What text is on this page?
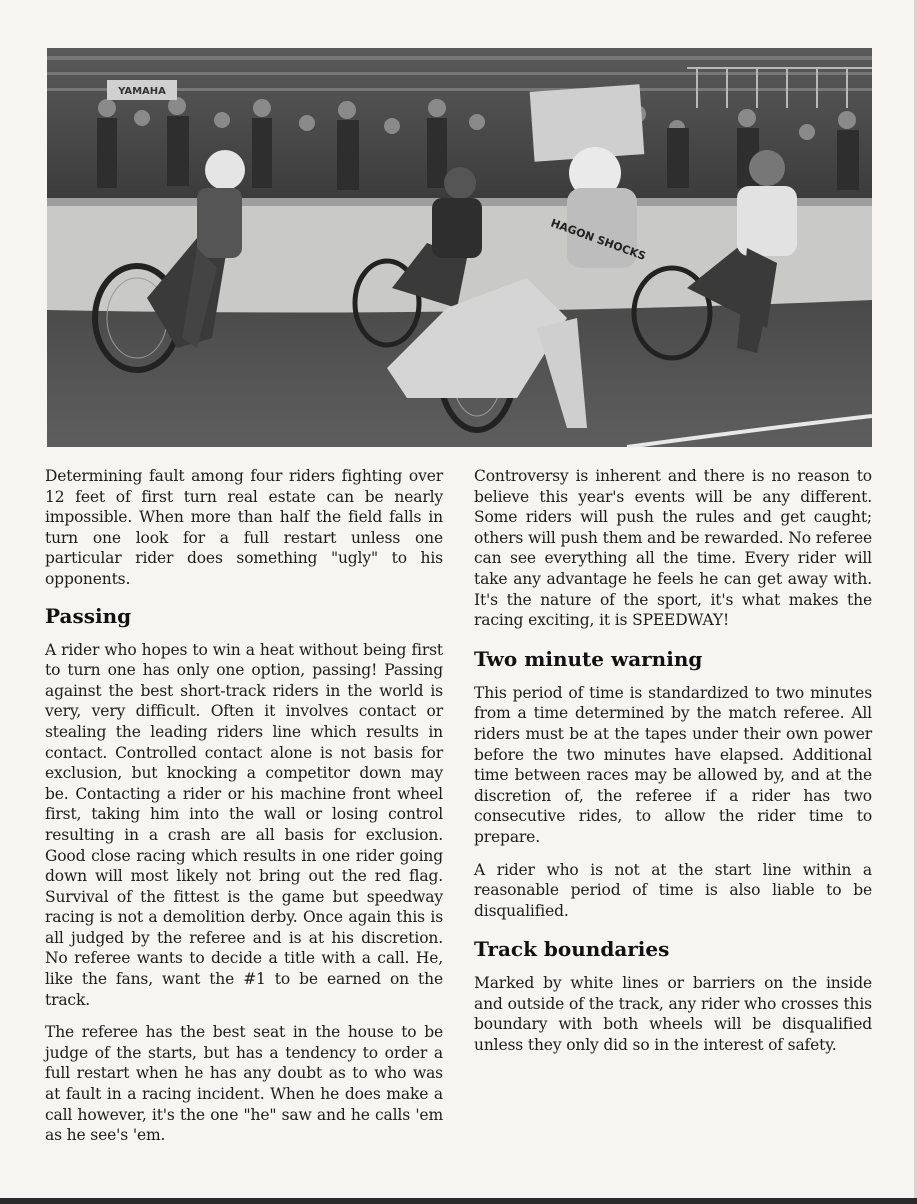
YAMAHA
HAGON SHOCKS

Determining fault among four riders fighting over 12 feet of first turn real estate can be nearly impossible. When more than half the field falls in turn one look for a full restart unless one particular rider does something "ugly" to his opponents.

Passing

A rider who hopes to win a heat without being first to turn one has only one option, passing! Passing against the best short-track riders in the world is very, very difficult. Often it involves contact or stealing the leading riders line which results in contact. Controlled contact alone is not basis for exclusion, but knocking a competitor down may be. Contacting a rider or his machine front wheel first, taking him into the wall or losing control resulting in a crash are all basis for exclusion. Good close racing which results in one rider going down will most likely not bring out the red flag. Survival of the fittest is the game but speedway racing is not a demolition derby. Once again this is all judged by the referee and is at his discretion. No referee wants to decide a title with a call. He, like the fans, want the #1 to be earned on the track.

The referee has the best seat in the house to be judge of the starts, but has a tendency to order a full restart when he has any doubt as to who was at fault in a racing incident. When he does make a call however, it's the one "he" saw and he calls 'em as he see's 'em.

Controversy is inherent and there is no reason to believe this year's events will be any different. Some riders will push the rules and get caught; others will push them and be rewarded. No referee can see everything all the time. Every rider will take any advantage he feels he can get away with. It's the nature of the sport, it's what makes the racing exciting, it is SPEEDWAY!

Two minute warning

This period of time is standardized to two minutes from a time determined by the match referee. All riders must be at the tapes under their own power before the two minutes have elapsed. Additional time between races may be allowed by, and at the discretion of, the referee if a rider has two consecutive rides, to allow the rider time to prepare.

A rider who is not at the start line within a reasonable period of time is also liable to be disqualified.

Track boundaries

Marked by white lines or barriers on the inside and outside of the track, any rider who crosses this boundary with both wheels will be disqualified unless they only did so in the interest of safety.
